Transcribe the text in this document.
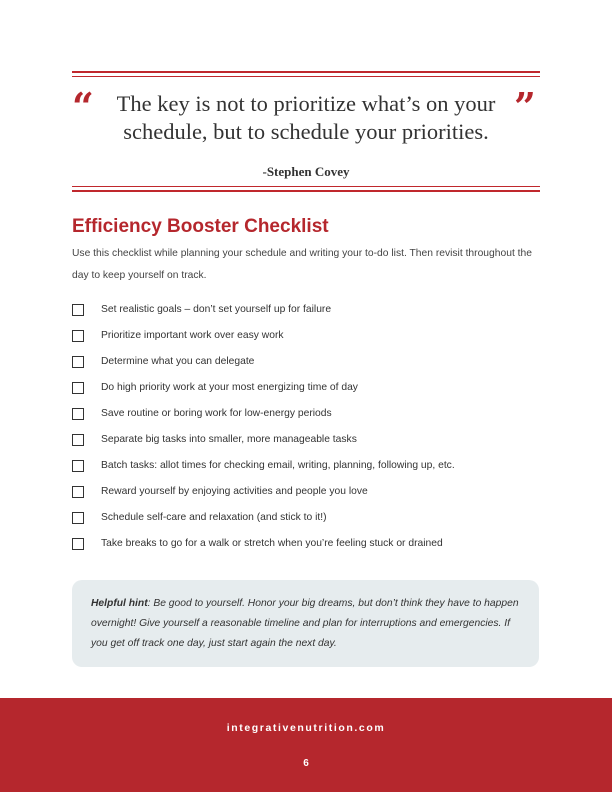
“ The key is not to prioritize what’s on your schedule, but to schedule your priorities.
”
-Stephen Covey
Efficiency Booster Checklist
Use this checklist while planning your schedule and writing your to-do list. Then revisit throughout the day to keep yourself on track.
Set realistic goals – don’t set yourself up for failure
Prioritize important work over easy work
Determine what you can delegate
Do high priority work at your most energizing time of day
Save routine or boring work for low-energy periods
Separate big tasks into smaller, more manageable tasks
Batch tasks: allot times for checking email, writing, planning, following up, etc.
Reward yourself by enjoying activities and people you love
Schedule self-care and relaxation (and stick to it!)
Take breaks to go for a walk or stretch when you’re feeling stuck or drained
Helpful hint: Be good to yourself. Honor your big dreams, but don’t think they have to happen overnight! Give yourself a reasonable timeline and plan for interruptions and emergencies. If you get off track one day, just start again the next day.
integrativenutrition.com
6
